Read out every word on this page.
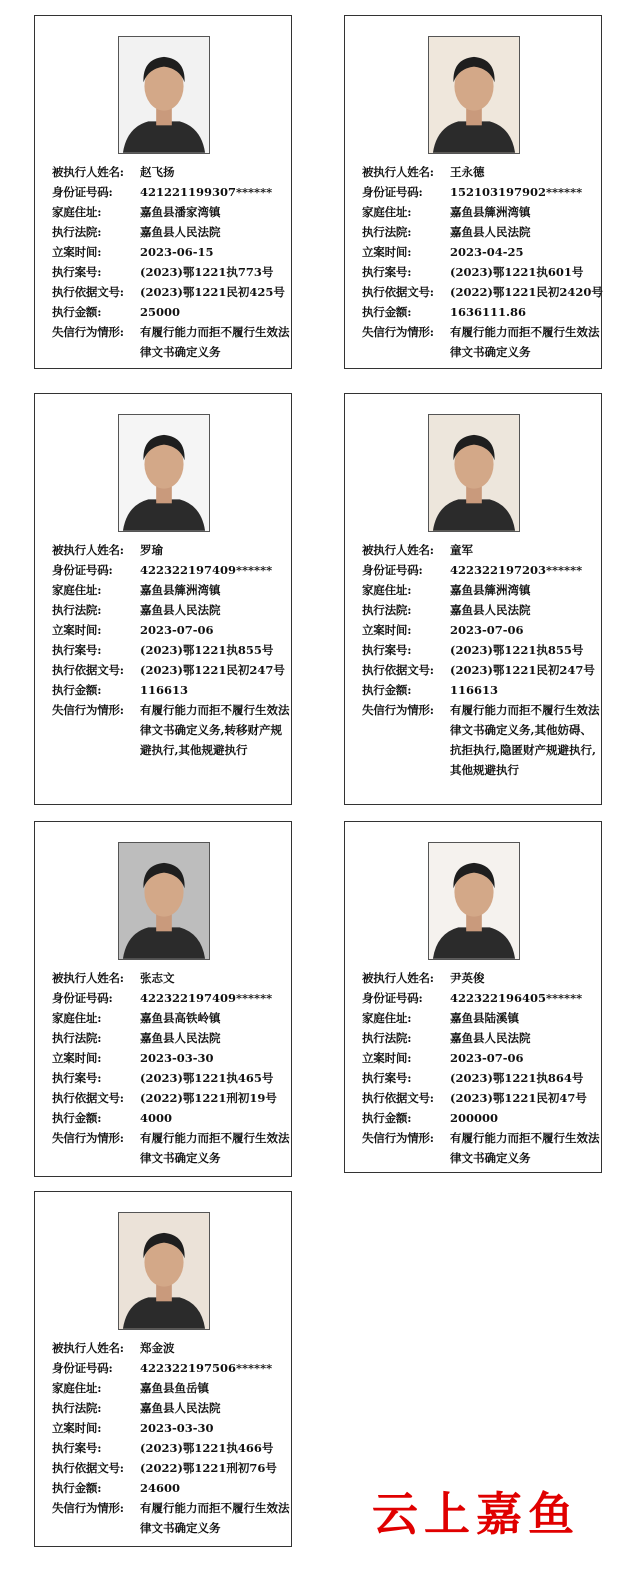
被执行人姓名:	赵飞扬
身份证号码:	421221199307******
家庭住址:	嘉鱼县潘家湾镇
执行法院:	嘉鱼县人民法院
立案时间:	2023-06-15
执行案号:	(2023)鄂1221执773号
执行依据文号:	(2023)鄂1221民初425号
执行金额:	25000
失信行为情形:	有履行能力而拒不履行生效法律文书确定义务
被执行人姓名:	王永德
身份证号码:	152103197902******
家庭住址:	嘉鱼县簰洲湾镇
执行法院:	嘉鱼县人民法院
立案时间:	2023-04-25
执行案号:	(2023)鄂1221执601号
执行依据文号:	(2022)鄂1221民初2420号
执行金额:	1636111.86
失信行为情形:	有履行能力而拒不履行生效法律文书确定义务
被执行人姓名:	罗瑜
身份证号码:	422322197409******
家庭住址:	嘉鱼县簰洲湾镇
执行法院:	嘉鱼县人民法院
立案时间:	2023-07-06
执行案号:	(2023)鄂1221执855号
执行依据文号:	(2023)鄂1221民初247号
执行金额:	116613
失信行为情形:	有履行能力而拒不履行生效法律文书确定义务,转移财产规避执行,其他规避执行
被执行人姓名:	童军
身份证号码:	422322197203******
家庭住址:	嘉鱼县簰洲湾镇
执行法院:	嘉鱼县人民法院
立案时间:	2023-07-06
执行案号:	(2023)鄂1221执855号
执行依据文号:	(2023)鄂1221民初247号
执行金额:	116613
失信行为情形:	有履行能力而拒不履行生效法律文书确定义务,其他妨碍、抗拒执行,隐匿财产规避执行,其他规避执行
被执行人姓名:	张志文
身份证号码:	422322197409******
家庭住址:	嘉鱼县高铁岭镇
执行法院:	嘉鱼县人民法院
立案时间:	2023-03-30
执行案号:	(2023)鄂1221执465号
执行依据文号:	(2022)鄂1221刑初19号
执行金额:	4000
失信行为情形:	有履行能力而拒不履行生效法律文书确定义务
被执行人姓名:	尹英俊
身份证号码:	422322196405******
家庭住址:	嘉鱼县陆溪镇
执行法院:	嘉鱼县人民法院
立案时间:	2023-07-06
执行案号:	(2023)鄂1221执864号
执行依据文号:	(2023)鄂1221民初47号
执行金额:	200000
失信行为情形:	有履行能力而拒不履行生效法律文书确定义务
被执行人姓名:	郑金波
身份证号码:	422322197506******
家庭住址:	嘉鱼县鱼岳镇
执行法院:	嘉鱼县人民法院
立案时间:	2023-03-30
执行案号:	(2023)鄂1221执466号
执行依据文号:	(2022)鄂1221刑初76号
执行金额:	24600
失信行为情形:	有履行能力而拒不履行生效法律文书确定义务	云上嘉鱼
